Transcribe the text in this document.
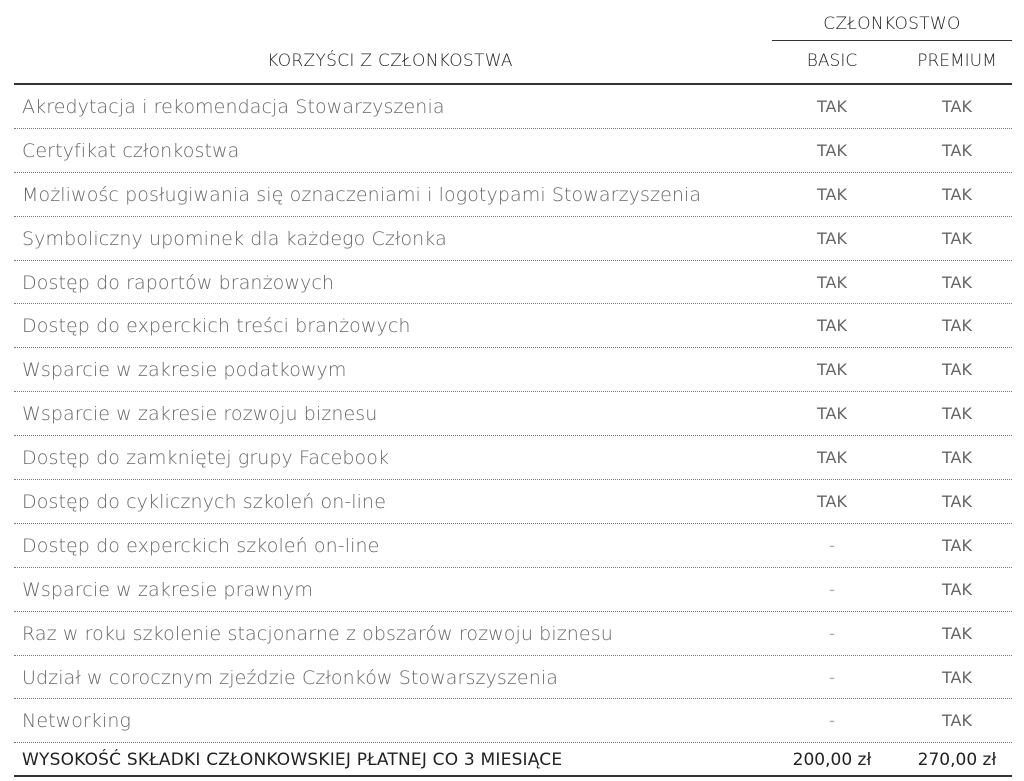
CZŁONKOSTWO
KORZYŚCI Z CZŁONKOSTWA	BASIC	PREMIUM
Akredytacja i rekomendacja Stowarzyszenia	TAK	TAK
Certyfikat członkostwa	TAK	TAK
Możliwośc posługiwania się oznaczeniami i logotypami Stowarzyszenia	TAK	TAK
Symboliczny upominek dla każdego Członka	TAK	TAK
Dostęp do raportów branżowych	TAK	TAK
Dostęp do experckich treści branżowych	TAK	TAK
Wsparcie w zakresie podatkowym	TAK	TAK
Wsparcie w zakresie rozwoju biznesu	TAK	TAK
Dostęp do zamkniętej grupy Facebook	TAK	TAK
Dostęp do cyklicznych szkoleń on-line	TAK	TAK
Dostęp do experckich szkoleń on-line	-	TAK
Wsparcie w zakresie prawnym	-	TAK
Raz w roku szkolenie stacjonarne z obszarów rozwoju biznesu	-	TAK
Udział w corocznym zjeździe Członków Stowarszyszenia	-	TAK
Networking	-	TAK
WYSOKOŚĆ SKŁADKI CZŁONKOWSKIEJ PŁATNEJ CO 3 MIESIĄCE	200,00 zł	270,00 zł
